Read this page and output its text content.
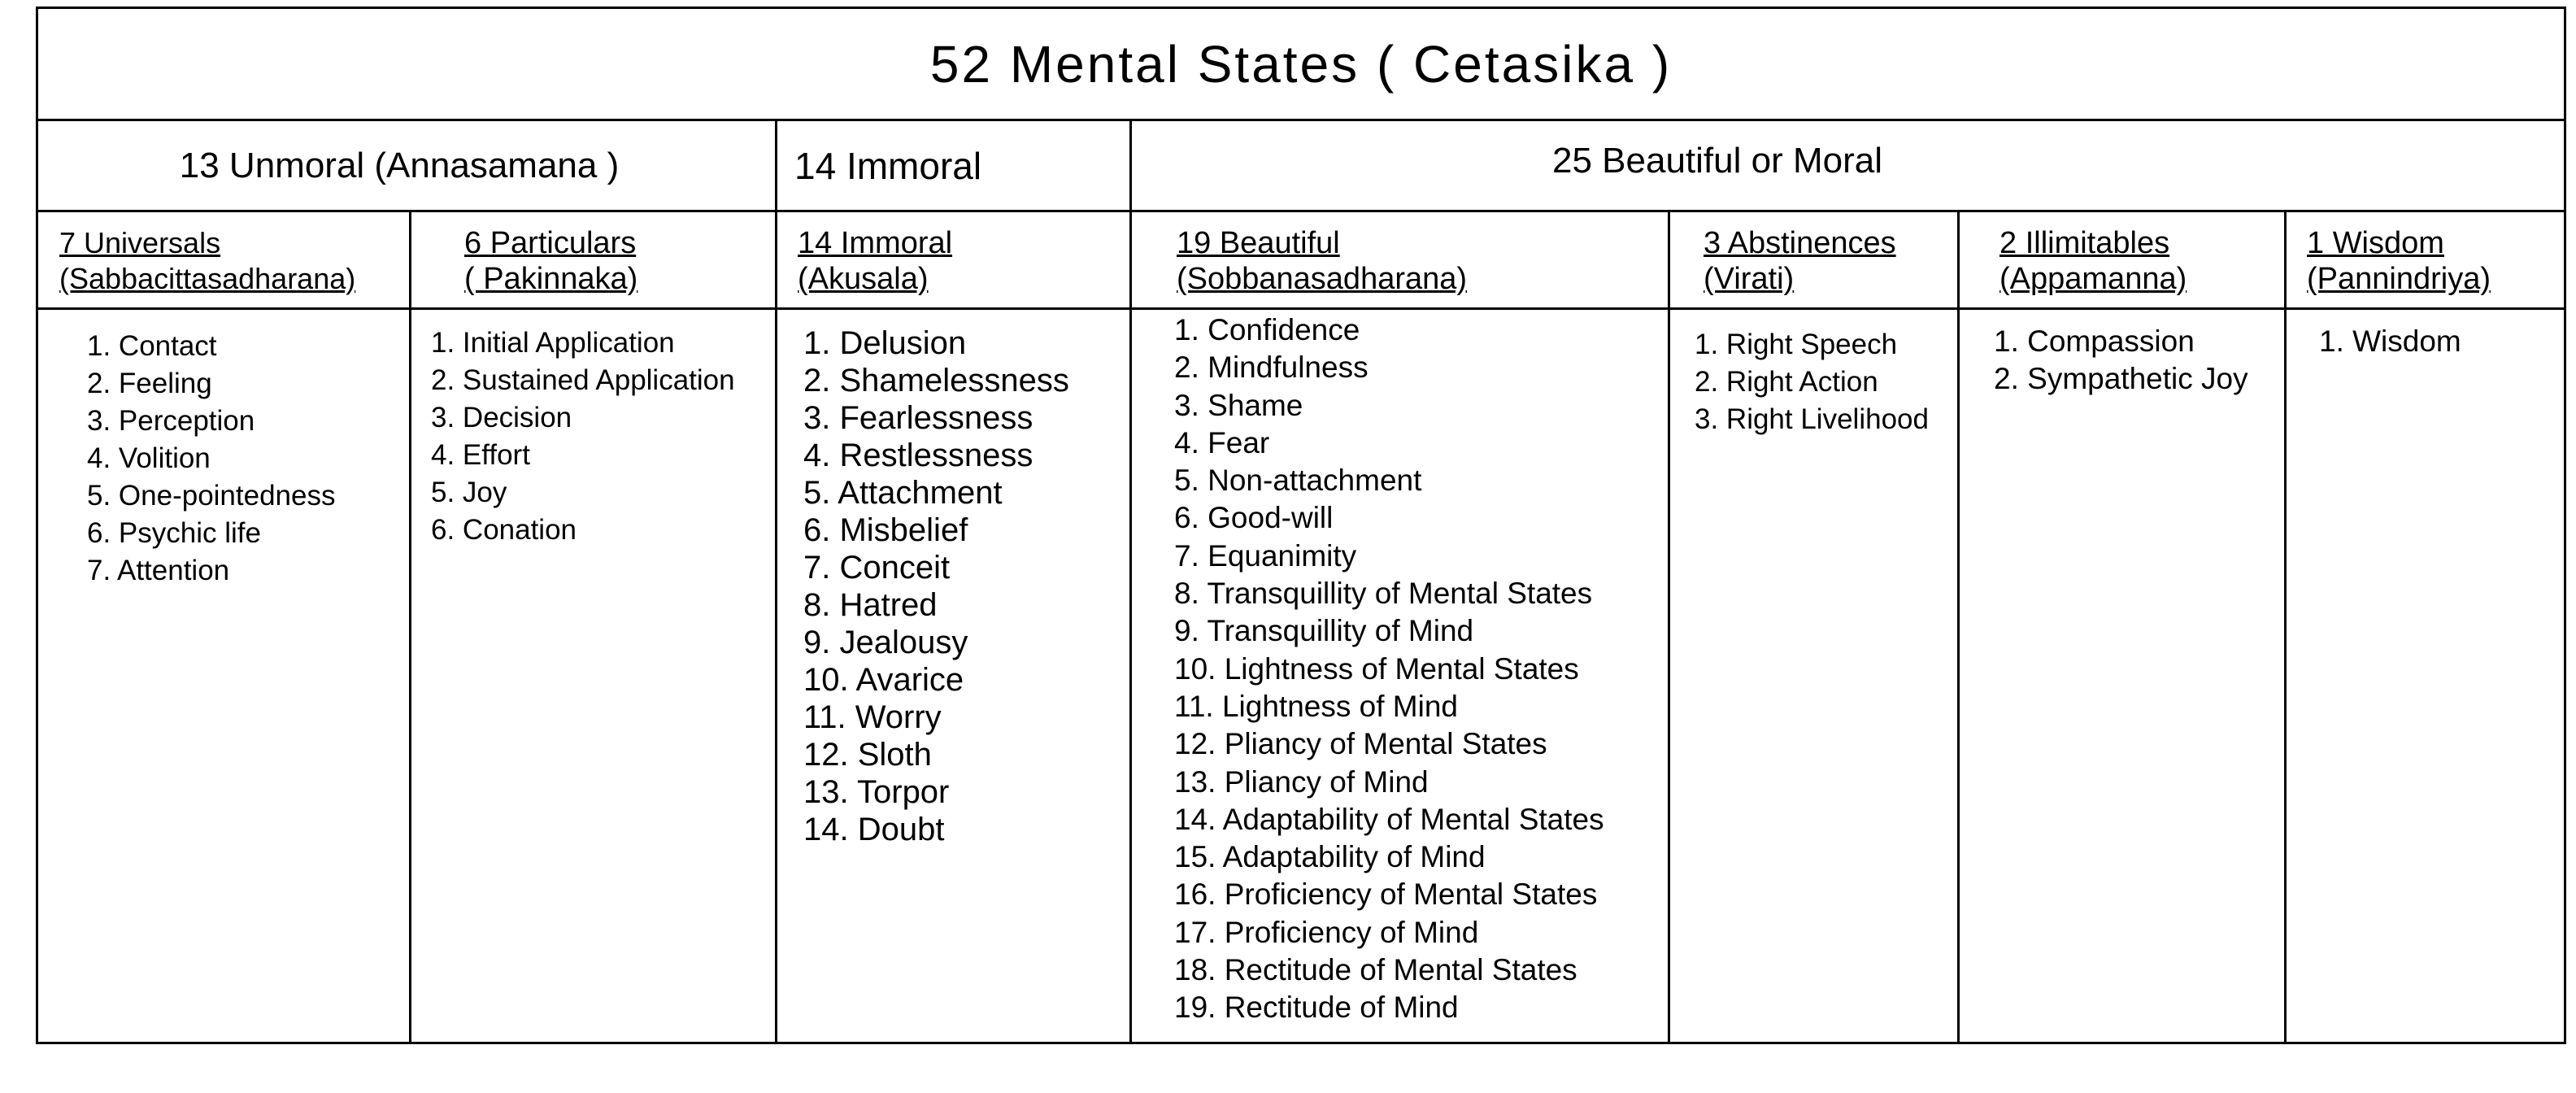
52 Mental States ( Cetasika )
13 Unmoral (Annasamana )	14 Immoral	25 Beautiful or Moral
7 Universals
(Sabbacittasadharana)
6 Particulars
( Pakinnaka)
14 Immoral
(Akusala)
19 Beautiful
(Sobbanasadharana)
3 Abstinences
(Virati)
2 Illimitables
(Appamanna)
1 Wisdom
(Pannindriya)
1. Contact
2. Feeling
3. Perception
4. Volition
5. One-pointedness
6. Psychic life
7. Attention
1. Initial Application
2. Sustained Application
3. Decision
4. Effort
5. Joy
6. Conation
1. Delusion
2. Shamelessness
3. Fearlessness
4. Restlessness
5. Attachment
6. Misbelief
7. Conceit
8. Hatred
9. Jealousy
10. Avarice
11. Worry
12. Sloth
13. Torpor
14. Doubt
1. Confidence
2. Mindfulness
3. Shame
4. Fear
5. Non-attachment
6. Good-will
7. Equanimity
8. Transquillity of Mental States
9. Transquillity of Mind
10. Lightness of Mental States
11. Lightness of Mind
12. Pliancy of Mental States
13. Pliancy of Mind
14. Adaptability of Mental States
15. Adaptability of Mind
16. Proficiency of Mental States
17. Proficiency of Mind
18. Rectitude of Mental States
19. Rectitude of Mind
1. Right Speech
2. Right Action
3. Right Livelihood
1. Compassion
2. Sympathetic Joy
1. Wisdom
